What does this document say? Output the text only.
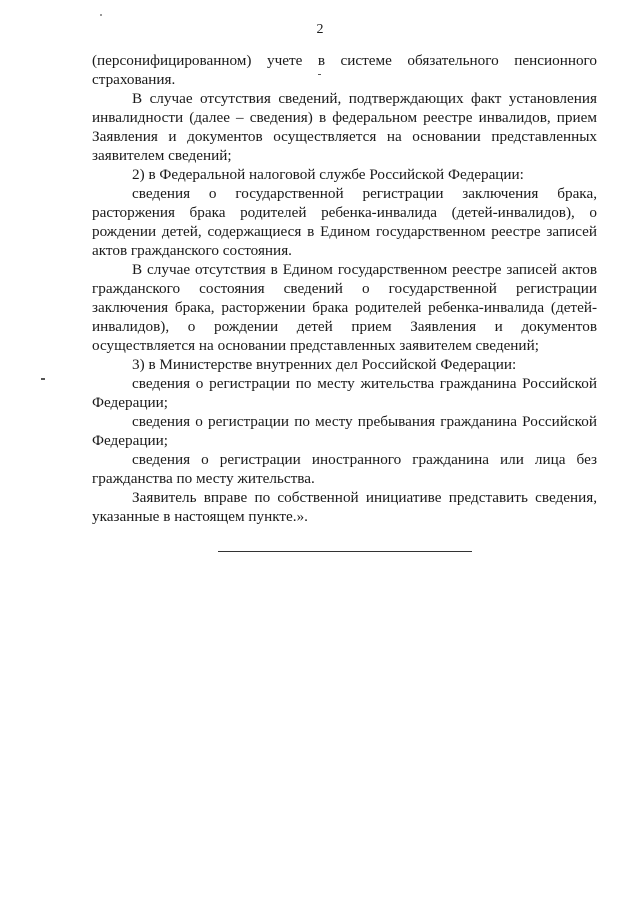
2

(персонифицированном) учете в системе обязательного пенсионного страхования.

В случае отсутствия сведений, подтверждающих факт установления инвалидности (далее – сведения) в федеральном реестре инвалидов, прием Заявления и документов осуществляется на основании представленных заявителем сведений;

2) в Федеральной налоговой службе Российской Федерации:

сведения о государственной регистрации заключения брака, расторжения брака родителей ребенка-инвалида (детей-инвалидов), о рождении детей, содержащиеся в Едином государственном реестре записей актов гражданского состояния.

В случае отсутствия в Едином государственном реестре записей актов гражданского состояния сведений о государственной регистрации заключения брака, расторжении брака родителей ребенка-инвалида (детей-инвалидов), о рождении детей прием Заявления и документов осуществляется на основании представленных заявителем сведений;

3) в Министерстве внутренних дел Российской Федерации:

сведения о регистрации по месту жительства гражданина Российской Федерации;

сведения о регистрации по месту пребывания гражданина Российской Федерации;

сведения о регистрации иностранного гражданина или лица без гражданства по месту жительства.

Заявитель вправе по собственной инициативе представить сведения, указанные в настоящем пункте.».
